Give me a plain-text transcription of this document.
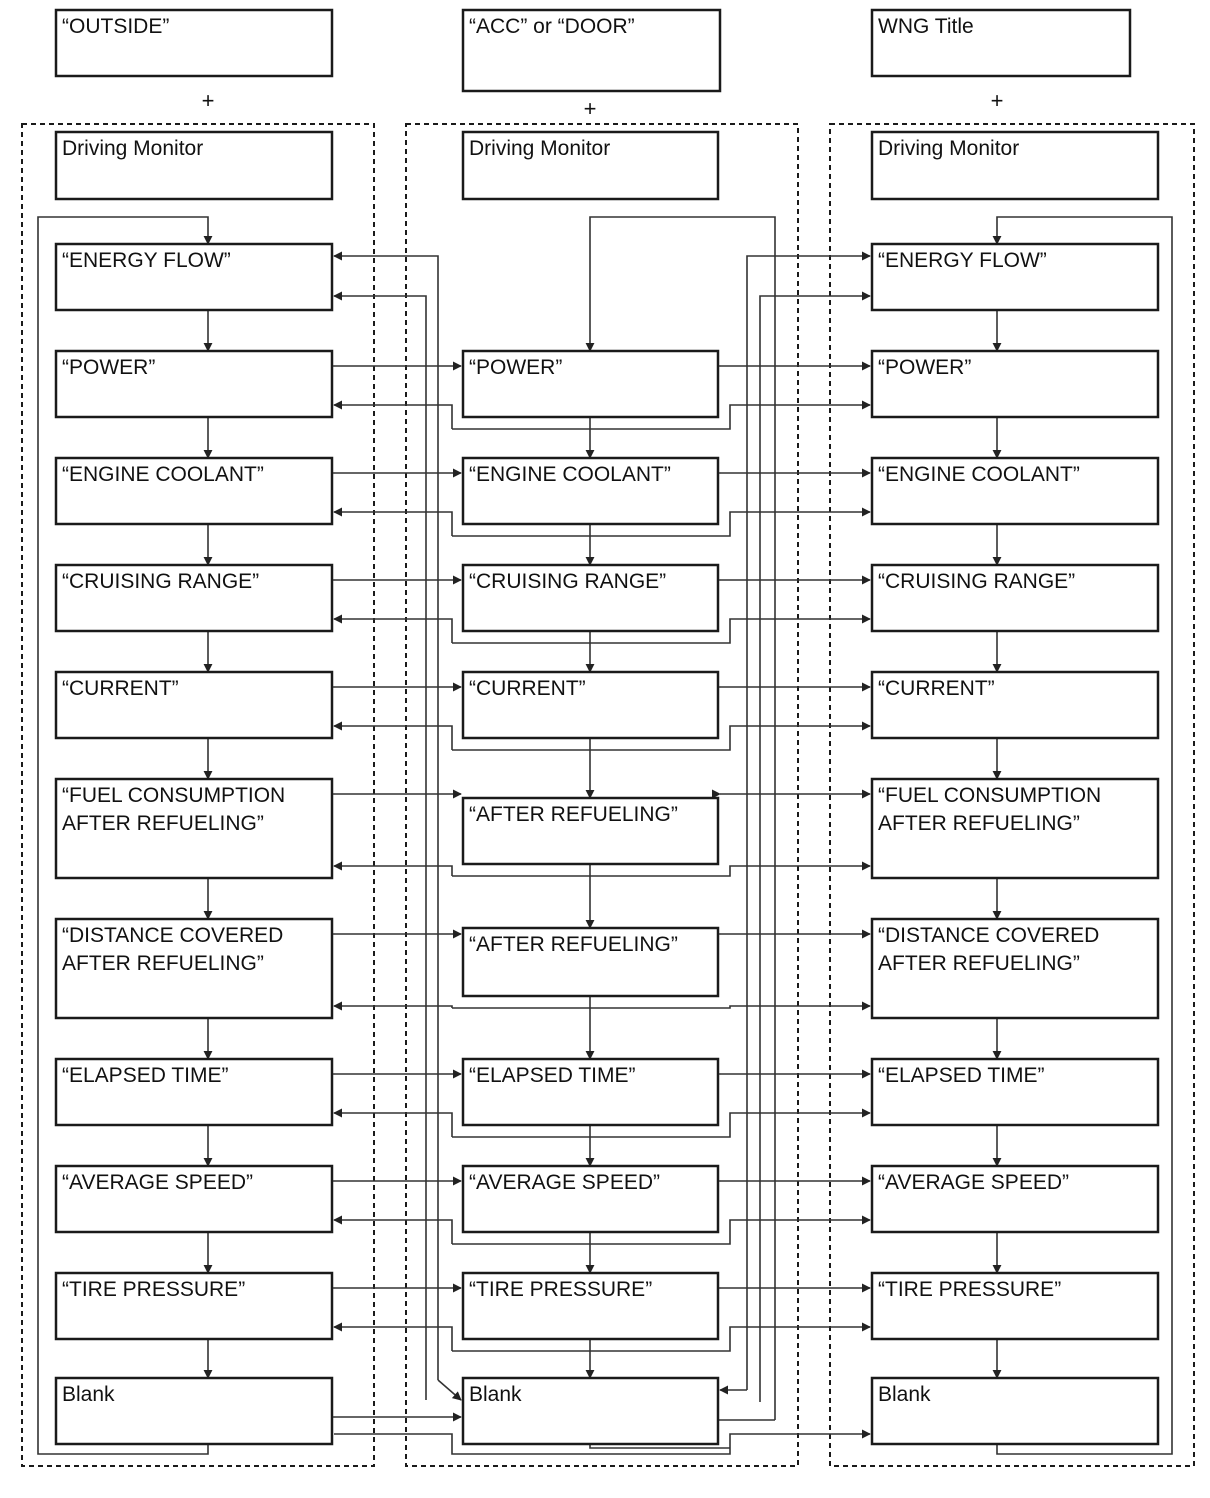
+	+	+
“OUTSIDE”	“ACC” or “DOOR”	WNG Title
Driving Monitor	Driving Monitor	Driving Monitor
“ENERGY FLOW”
“POWER”
“ENGINE COOLANT”
“CRUISING RANGE”
“CURRENT”
“FUEL CONSUMPTION
AFTER REFUELING”
“DISTANCE COVERED
AFTER REFUELING”
“ELAPSED TIME”
“AVERAGE SPEED”
“TIRE PRESSURE”
Blank
“POWER”
“ENGINE COOLANT”
“CRUISING RANGE”
“CURRENT”
“AFTER REFUELING”
“AFTER REFUELING”
“ELAPSED TIME”
“AVERAGE SPEED”
“TIRE PRESSURE”
Blank
“ENERGY FLOW”
“POWER”
“ENGINE COOLANT”
“CRUISING RANGE”
“CURRENT”
“FUEL CONSUMPTION
AFTER REFUELING”
“DISTANCE COVERED
AFTER REFUELING”
“ELAPSED TIME”
“AVERAGE SPEED”
“TIRE PRESSURE”
Blank
